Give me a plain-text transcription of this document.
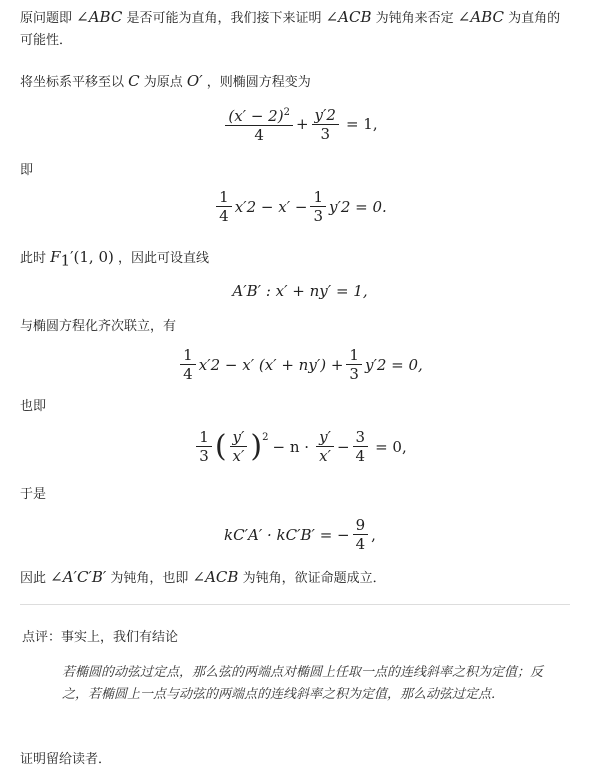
原问题即 ∠ABC 是否可能为直角，我们接下来证明 ∠ACB 为钝角来否定 ∠ABC 为直角的
可能性．
将坐标系平移至以 C 为原点 O′ ，则椭圆方程变为
$\frac{(x' - 2)^2}{4} + \frac{y'2}{3} = 1$,
即
$\frac{1}{4} x'2 - x' - \frac{1}{3} y'2 = 0$.
此时 $F_1'(1$, 0) ，因此可设直线
A′B′ : x′ + ny′ = 1,
与椭圆方程化齐次联立，有
$\frac{1}{4} x'2 - x'$ $(x' + ny') + \frac{1}{3} y'2 = 0$,
也即
$\frac{1}{3}$ ( $\frac{y'}{x'} )^2 - n \cdot \frac{y'}{x'} - \frac{3}{4} = 0$,
于是
kC′A′ · kC′B′ = − $\frac{9}{4}$ ,
因此 ∠A′C′B′ 为钝角，也即 ∠ACB 为钝角，欲证命题成立．
点评：事实上，我们有结论
若椭圆的动弦过定点，那么弦的两端点对椭圆上任取一点的连线斜率之积为定值；反之，若椭圆上一点与动弦的两端点的连线斜率之积为定值，那么动弦过定点．
证明留给读者．
